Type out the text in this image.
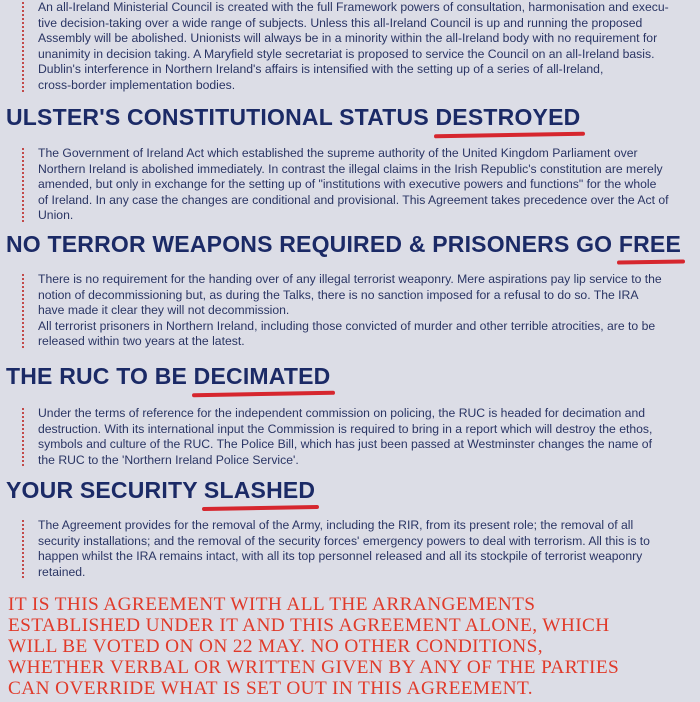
An all-Ireland Ministerial Council is created with the full Framework powers of consultation, harmonisation and execu-

tive decision-taking over a wide range of subjects. Unless this all-Ireland Council is up and running the proposed

Assembly will be abolished. Unionists will always be in a minority within the all-Ireland body with no requirement for

unanimity in decision taking. A Maryfield style secretariat is proposed to service the Council on an all-Ireland basis.

Dublin's interference in Northern Ireland's affairs is intensified with the setting up of a series of all-Ireland,

cross-border implementation bodies.

ULSTER'S CONSTITUTIONAL STATUS DESTROYED

The Government of Ireland Act which established the supreme authority of the United Kingdom Parliament over

Northern Ireland is abolished immediately. In contrast the illegal claims in the Irish Republic's constitution are merely

amended, but only in exchange for the setting up of "institutions with executive powers and functions" for the whole

of Ireland. In any case the changes are conditional and provisional. This Agreement takes precedence over the Act of

Union.

NO TERROR WEAPONS REQUIRED & PRISONERS GO FREE

There is no requirement for the handing over of any illegal terrorist weaponry. Mere aspirations pay lip service to the

notion of decommissioning but, as during the Talks, there is no sanction imposed for a refusal to do so. The IRA

have made it clear they will not decommission.

All terrorist prisoners in Northern Ireland, including those convicted of murder and other terrible atrocities, are to be

released within two years at the latest.

THE RUC TO BE DECIMATED

Under the terms of reference for the independent commission on policing, the RUC is headed for decimation and

destruction. With its international input the Commission is required to bring in a report which will destroy the ethos,

symbols and culture of the RUC. The Police Bill, which has just been passed at Westminster changes the name of

the RUC to the 'Northern Ireland Police Service'.

YOUR SECURITY SLASHED

The Agreement provides for the removal of the Army, including the RIR, from its present role; the removal of all

security installations; and the removal of the security forces' emergency powers to deal with terrorism. All this is to

happen whilst the IRA remains intact, with all its top personnel released and all its stockpile of terrorist weaponry

retained.

IT IS THIS AGREEMENT WITH ALL THE ARRANGEMENTS
ESTABLISHED UNDER IT AND THIS AGREEMENT ALONE, WHICH
WILL BE VOTED ON ON 22 MAY. NO OTHER CONDITIONS,
WHETHER VERBAL OR WRITTEN GIVEN BY ANY OF THE PARTIES
CAN OVERRIDE WHAT IS SET OUT IN THIS AGREEMENT.
